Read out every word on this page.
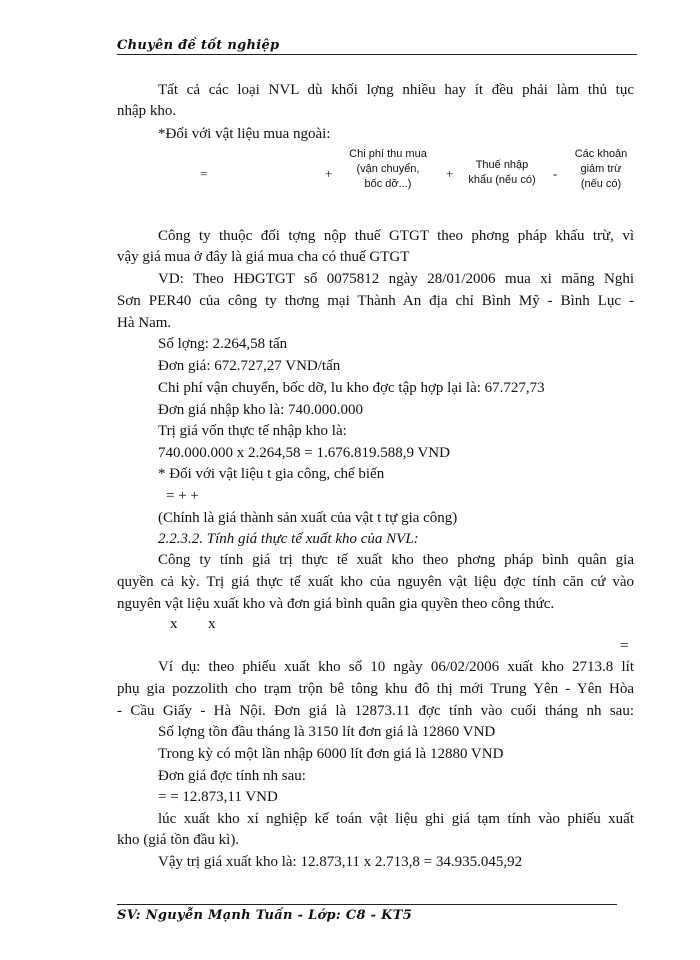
Chuyên đề tốt nghiệp
Tất cả các loại NVL dù khối lợng nhiều hay ít đều phải làm thủ tục
nhập kho.
*Đối với vật liệu mua ngoài:
=	+
Chi phí thu mua
(vận chuyển,
bốc dỡ...)
+
Thuế nhập
khẩu (nếu có)	-
Các khoản
giảm trừ
(nếu có)
Công ty thuộc đối tợng nộp thuế GTGT theo phơng pháp khấu trừ, vì
vậy giá mua ở đây là giá mua cha có thuế GTGT
VD: Theo HĐGTGT số 0075812 ngày 28/01/2006 mua xi măng Nghi
Sơn PER40 của công ty thơng mại Thành An địa chỉ Bình Mỹ - Bình Lục -
Hà Nam.
Số lợng: 2.264,58 tấn
Đơn giá: 672.727,27 VND/tấn
Chi phí vận chuyển, bốc dỡ, lu kho đợc tập hợp lại là: 67.727,73
Đơn giá nhập kho là: 740.000.000
Trị giá vốn thực tế nhập kho là:
740.000.000 x 2.264,58 = 1.676.819.588,9 VND
* Đối với vật liệu t gia công, chế biến
= + +
(Chính là giá thành sản xuất của vật t tự gia công)
2.2.3.2. Tính giá thực tế xuất kho của NVL:
Công ty tính giá trị thực tế xuất kho theo phơng pháp bình quân gia
quyền cả kỳ. Trị giá thực tế xuất kho của nguyên vật liệu đợc tính căn cứ vào
nguyên vật liệu xuất kho và đơn giá bình quân gia quyền theo công thức.
x	x
=
Ví dụ: theo phiếu xuất kho số 10 ngày 06/02/2006 xuất kho 2713.8 lít
phụ gia pozzolith cho trạm trộn bê tông khu đô thị mới Trung Yên - Yên Hòa
- Cầu Giấy - Hà Nội. Đơn giá là 12873.11 đợc tính vào cuối tháng nh sau:
Số lợng tồn đầu tháng là 3150 lít đơn giá là 12860 VND
Trong kỳ có một lần nhập 6000 lít đơn giá là 12880 VND
Đơn giá đợc tính nh sau:
= = 12.873,11 VND
lúc xuất kho xí nghiệp kế toán vật liệu ghi giá tạm tính vào phiếu xuất
kho (giá tồn đầu kì).
Vậy trị giá xuất kho là: 12.873,11 x 2.713,8 = 34.935.045,92
SV: Nguyễn Mạnh Tuấn - Lớp: C8 - KT5
